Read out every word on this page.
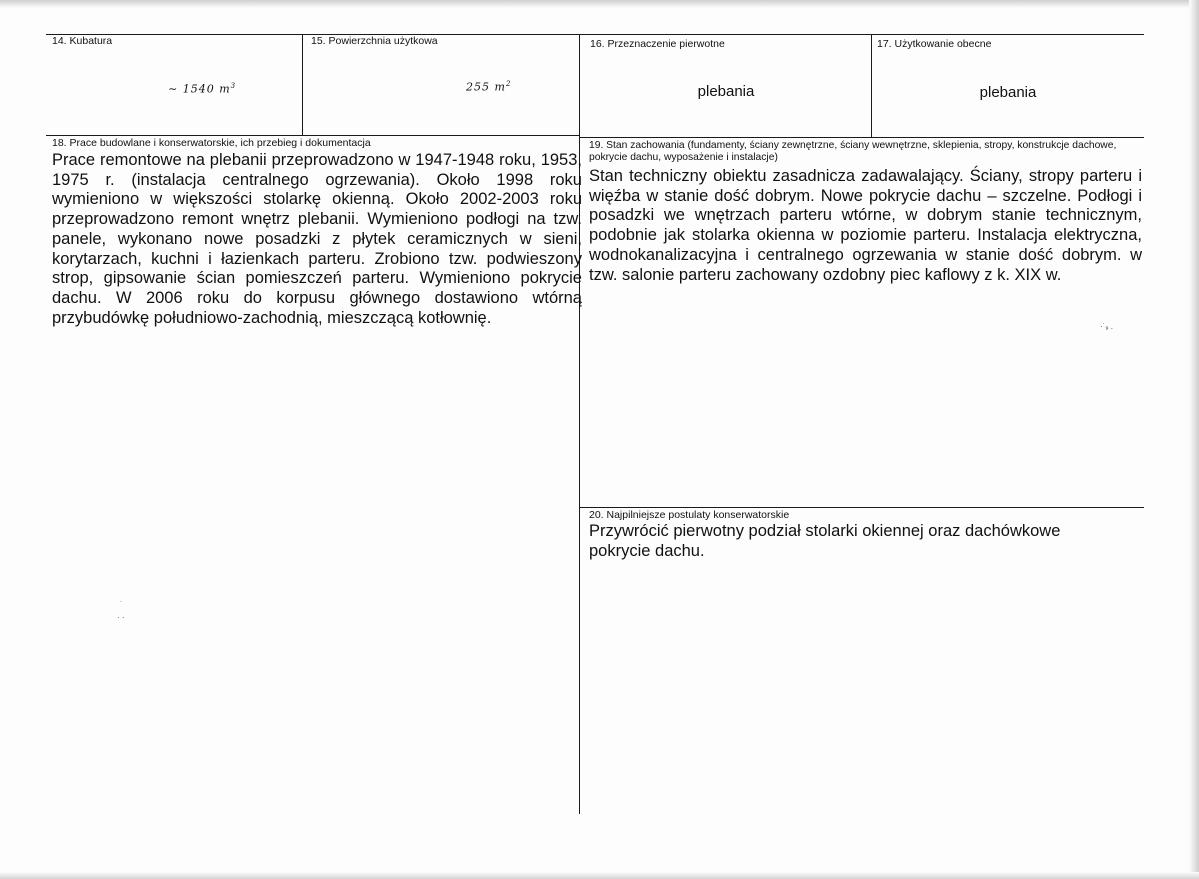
14. Kubatura
∼ 1540 $m^3$
15. Powierzchnia użytkowa
255 $m^2$
16. Przeznaczenie pierwotne
plebania
17. Użytkowanie obecne
plebania
18. Prace budowlane i konserwatorskie, ich przebieg i dokumentacja
Prace remontowe na plebanii przeprowadzono w 1947-1948 roku, 1953, 1975 r. (instalacja centralnego ogrzewania). Około 1998 roku wymieniono w większości stolarkę okienną. Około 2002-2003 roku przeprowadzono remont wnętrz plebanii. Wymieniono podłogi na tzw. panele, wykonano nowe posadzki z płytek ceramicznych w sieni, korytarzach, kuchni i łazienkach parteru. Zrobiono tzw. podwieszony strop, gipsowanie ścian pomieszczeń parteru. Wymieniono pokrycie dachu. W 2006 roku do korpusu głównego dostawiono wtórną przybudówkę południowo-zachodnią, mieszczącą kotłownię.
19. Stan zachowania (fundamenty, ściany zewnętrzne, ściany wewnętrzne, sklepienia, stropy, konstrukcje dachowe, pokrycie dachu, wyposażenie i instalacje)
Stan techniczny obiektu zasadnicza zadawalający. Ściany, stropy parteru i więźba w stanie dość dobrym. Nowe pokrycie dachu – szczelne. Podłogi i posadzki we wnętrzach parteru wtórne, w dobrym stanie technicznym, podobnie jak stolarka okienna w poziomie parteru. Instalacja elektryczna, wodnokanalizacyjna i centralnego ogrzewania w stanie dość dobrym. w tzw. salonie parteru zachowany ozdobny piec kaflowy z k. XIX w.
20. Najpilniejsze postulaty konserwatorskie
Przywrócić pierwotny podział stolarki okiennej oraz dachówkowe pokrycie dachu.
·˙₉ .
˙
· ·
